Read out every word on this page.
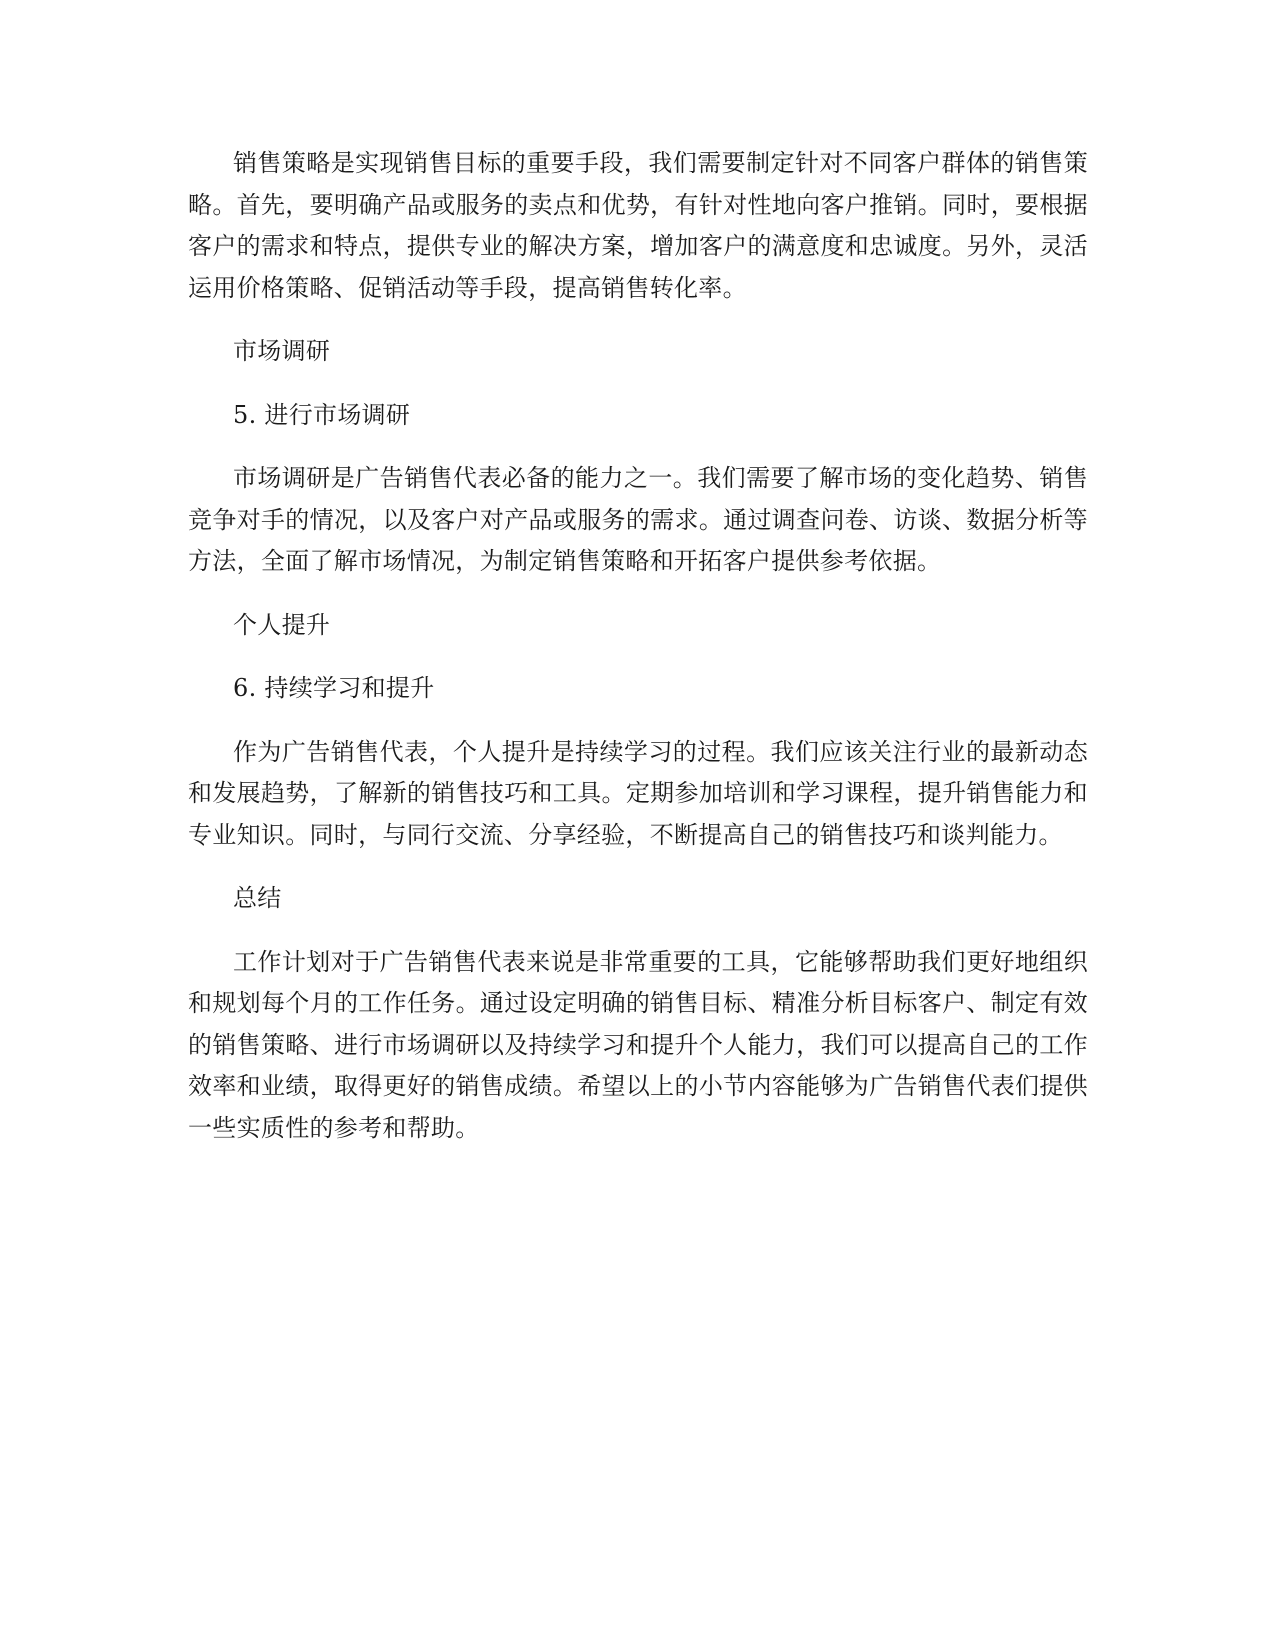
销售策略是实现销售目标的重要手段，我们需要制定针对不同客户群体的销售策略。首先，要明确产品或服务的卖点和优势，有针对性地向客户推销。同时，要根据客户的需求和特点，提供专业的解决方案，增加客户的满意度和忠诚度。另外，灵活运用价格策略、促销活动等手段，提高销售转化率。

市场调研

5. 进行市场调研

市场调研是广告销售代表必备的能力之一。我们需要了解市场的变化趋势、销售竞争对手的情况，以及客户对产品或服务的需求。通过调查问卷、访谈、数据分析等方法，全面了解市场情况，为制定销售策略和开拓客户提供参考依据。

个人提升

6. 持续学习和提升

作为广告销售代表，个人提升是持续学习的过程。我们应该关注行业的最新动态和发展趋势，了解新的销售技巧和工具。定期参加培训和学习课程，提升销售能力和专业知识。同时，与同行交流、分享经验，不断提高自己的销售技巧和谈判能力。

总结

工作计划对于广告销售代表来说是非常重要的工具，它能够帮助我们更好地组织和规划每个月的工作任务。通过设定明确的销售目标、精准分析目标客户、制定有效的销售策略、进行市场调研以及持续学习和提升个人能力，我们可以提高自己的工作效率和业绩，取得更好的销售成绩。希望以上的小节内容能够为广告销售代表们提供一些实质性的参考和帮助。
